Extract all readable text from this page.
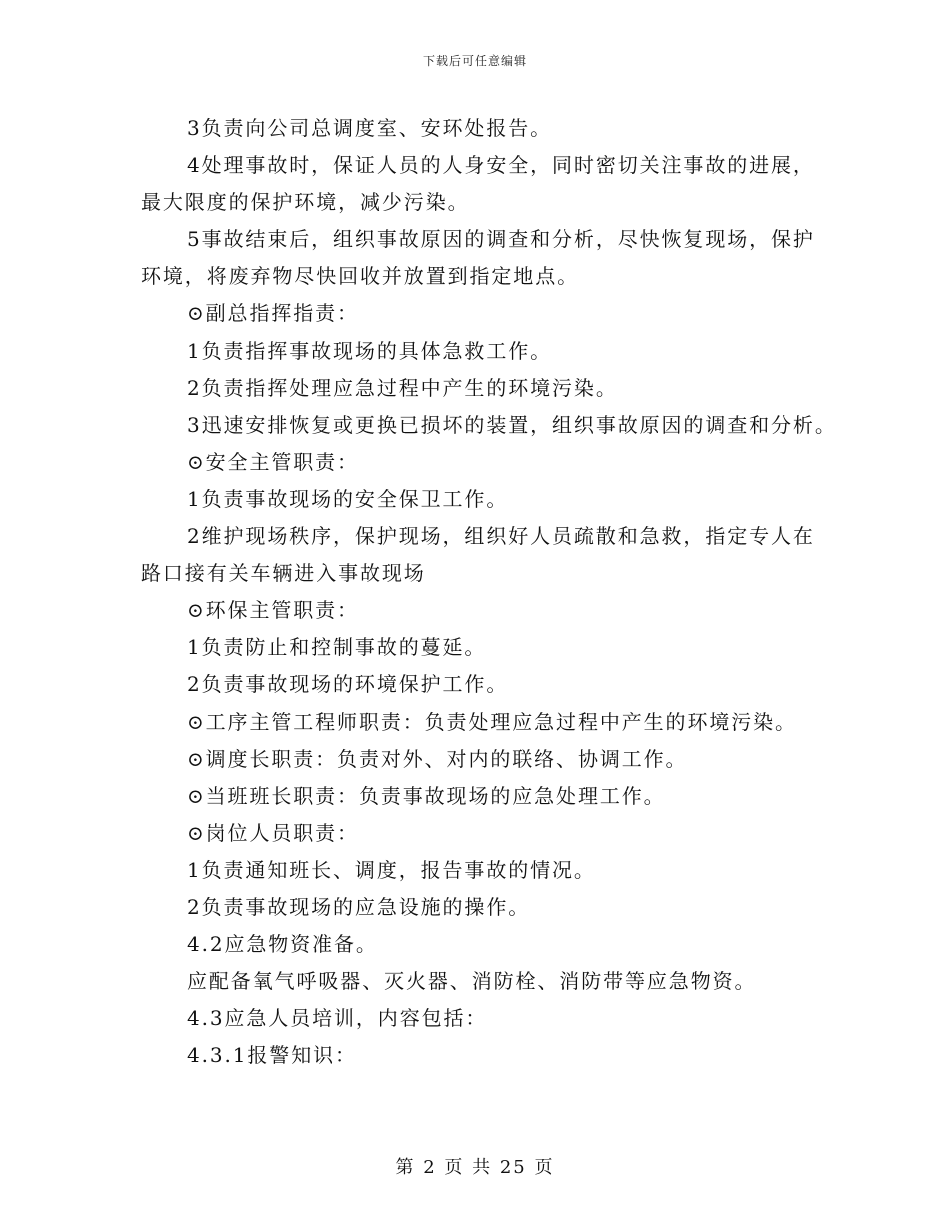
下载后可任意编辑
3负责向公司总调度室、安环处报告。
4处理事故时，保证人员的人身安全，同时密切关注事故的进展，
最大限度的保护环境，减少污染。
5事故结束后，组织事故原因的调查和分析，尽快恢复现场，保护
环境，将废弃物尽快回收并放置到指定地点。
⊙副总指挥指责：
1负责指挥事故现场的具体急救工作。
2负责指挥处理应急过程中产生的环境污染。
3迅速安排恢复或更换已损坏的装置，组织事故原因的调查和分析。
⊙安全主管职责：
1负责事故现场的安全保卫工作。
2维护现场秩序，保护现场，组织好人员疏散和急救，指定专人在
路口接有关车辆进入事故现场
⊙环保主管职责：
1负责防止和控制事故的蔓延。
2负责事故现场的环境保护工作。
⊙工序主管工程师职责：负责处理应急过程中产生的环境污染。
⊙调度长职责：负责对外、对内的联络、协调工作。
⊙当班班长职责：负责事故现场的应急处理工作。
⊙岗位人员职责：
1负责通知班长、调度，报告事故的情况。
2负责事故现场的应急设施的操作。
4.2应急物资准备。
应配备氧气呼吸器、灭火器、消防栓、消防带等应急物资。
4.3应急人员培训，内容包括：
4.3.1报警知识：
第 2 页 共 25 页
